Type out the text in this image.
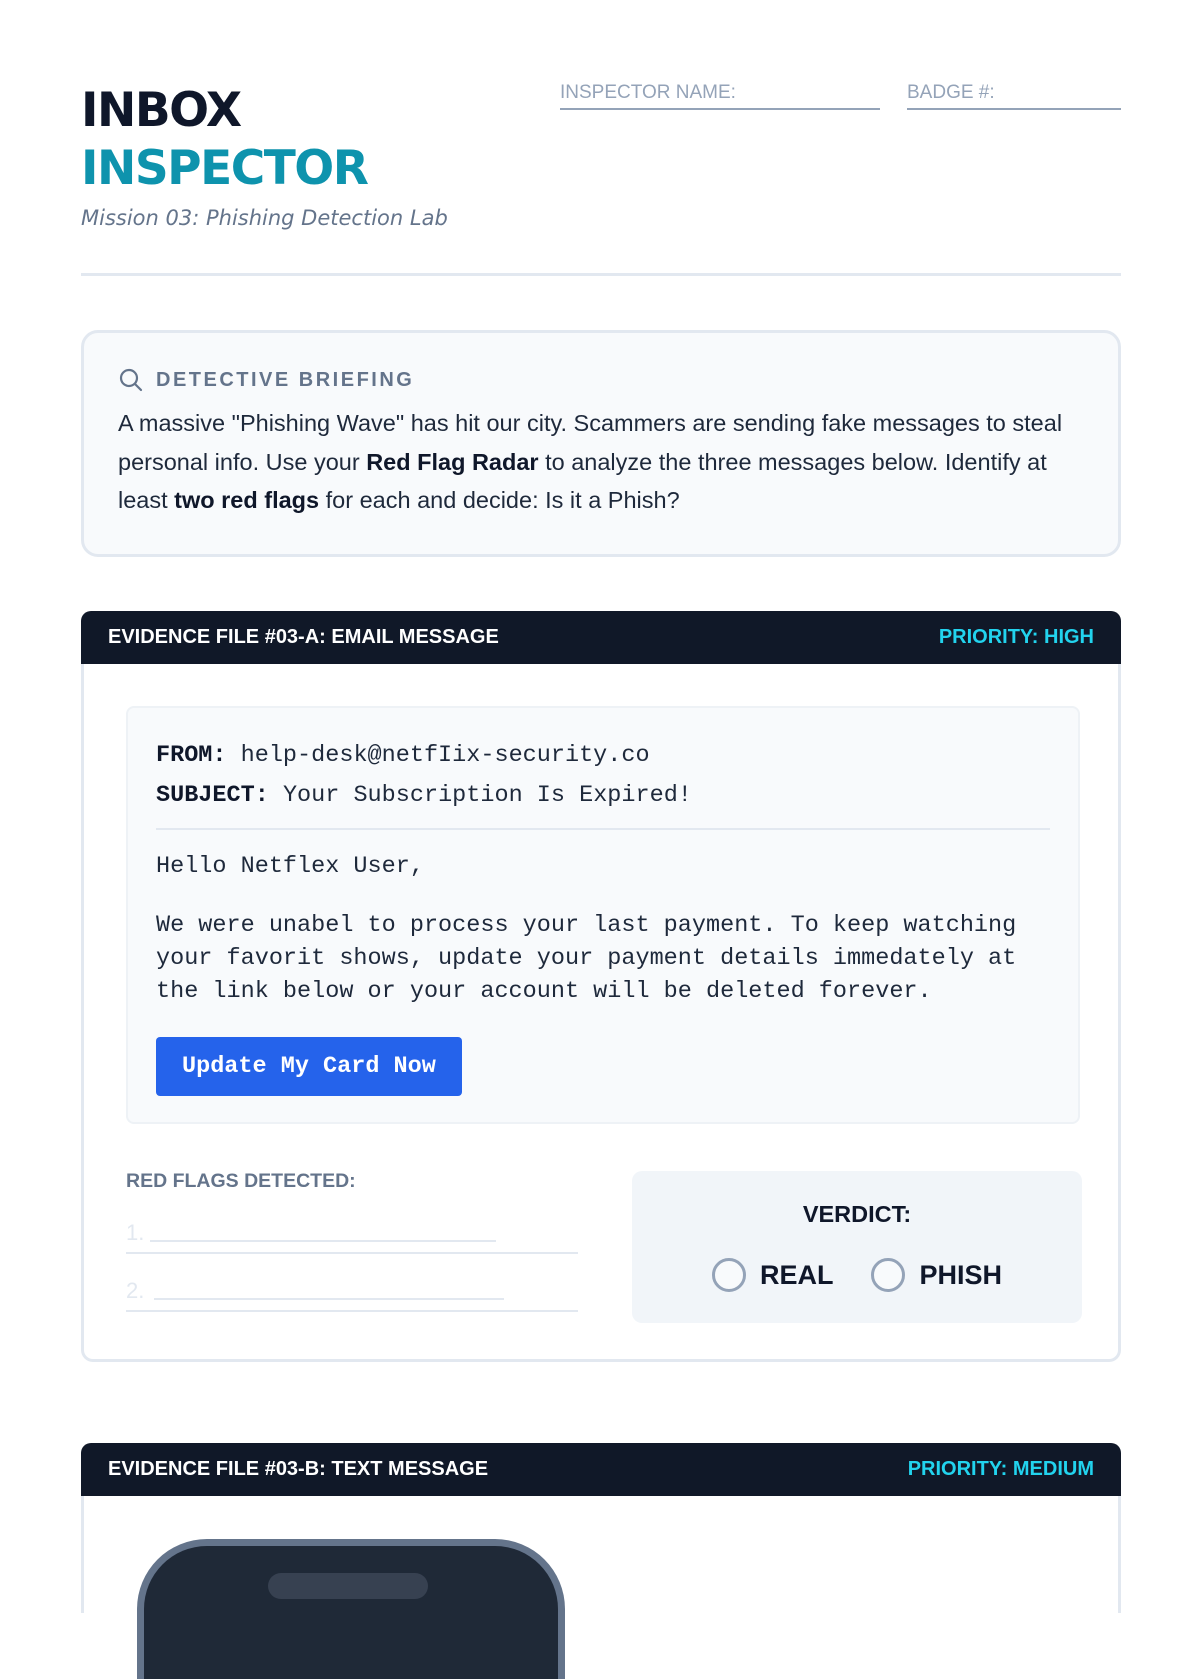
INBOX
INSPECTOR
Mission 03: Phishing Detection Lab
INSPECTOR NAME:	BADGE #:
DETECTIVE BRIEFING
A massive "Phishing Wave" has hit our city. Scammers are sending fake messages to steal personal info. Use your Red Flag Radar to analyze the three messages below. Identify at least two red flags for each and decide: Is it a Phish?
EVIDENCE FILE #03-A: EMAIL MESSAGE	PRIORITY: HIGH
FROM: help-desk@netfIix-security.co
SUBJECT: Your Subscription Is Expired!
Hello Netflex User,
We were unabel to process your last payment. To keep watching your favorit shows, update your payment details immedately at the link below or your account will be deleted forever.
Update My Card Now
RED FLAGS DETECTED:
1.
2.
VERDICT:
REAL	PHISH
EVIDENCE FILE #03-B: TEXT MESSAGE	PRIORITY: MEDIUM
